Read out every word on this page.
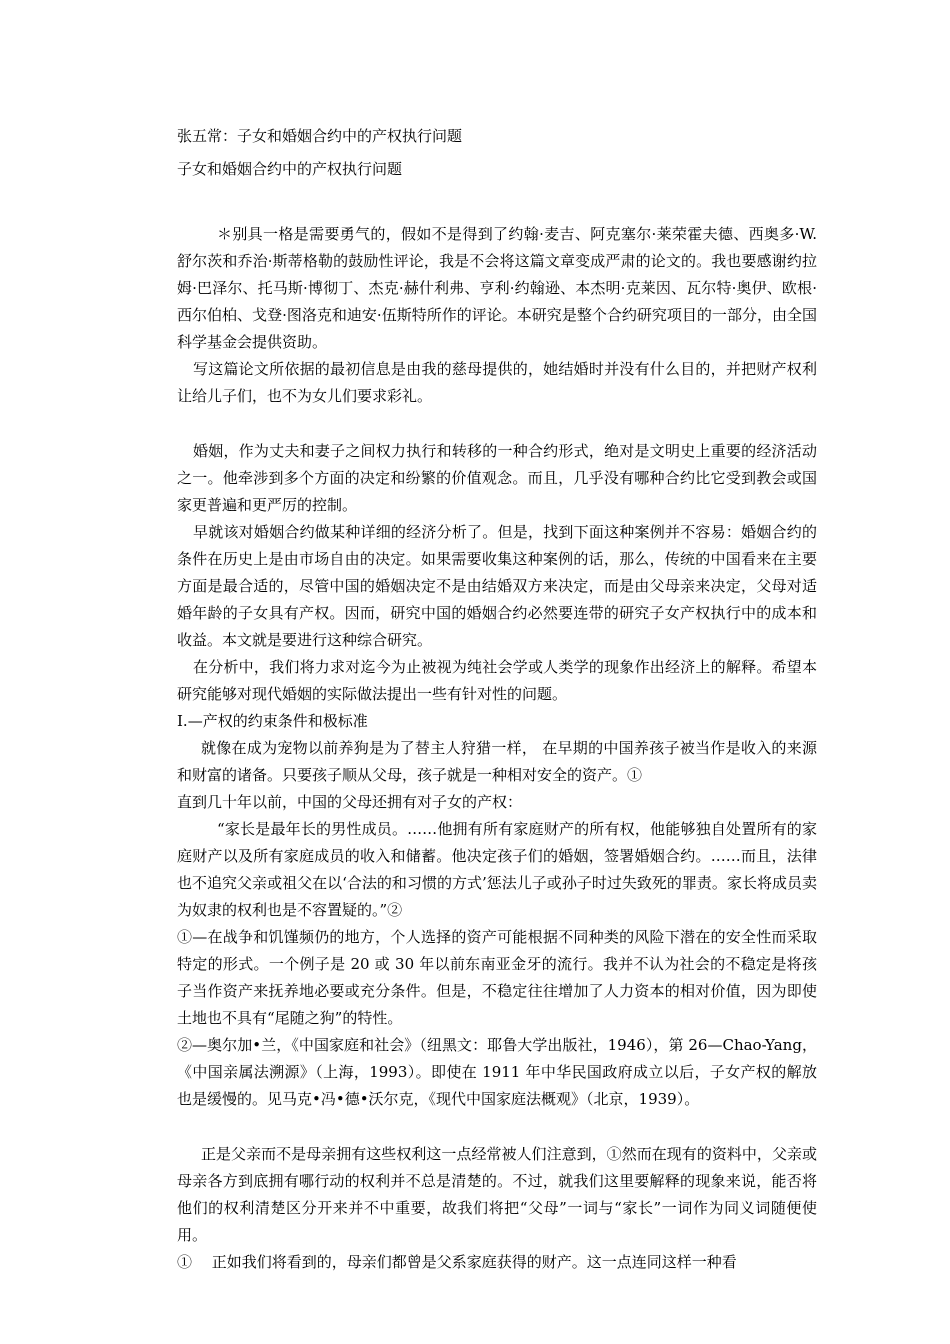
张五常：子女和婚姻合约中的产权执行问题

子女和婚姻合约中的产权执行问题

＊别具一格是需要勇气的，假如不是得到了约翰·麦吉、阿克塞尔·莱荣霍夫德、西奥多·W.舒尔茨和乔治·斯蒂格勒的鼓励性评论，我是不会将这篇文章变成严肃的论文的。我也要感谢约拉姆·巴泽尔、托马斯·博彻丁、杰克·赫什利弗、亨利·约翰逊、本杰明·克莱因、瓦尔特·奥伊、欧根·西尔伯柏、戈登·图洛克和迪安·伍斯特所作的评论。本研究是整个合约研究项目的一部分，由全国科学基金会提供资助。

写这篇论文所依据的最初信息是由我的慈母提供的，她结婚时并没有什么目的，并把财产权利让给儿子们，也不为女儿们要求彩礼。

婚姻，作为丈夫和妻子之间权力执行和转移的一种合约形式，绝对是文明史上重要的经济活动之一。他牵涉到多个方面的决定和纷繁的价值观念。而且，几乎没有哪种合约比它受到教会或国家更普遍和更严厉的控制。

早就该对婚姻合约做某种详细的经济分析了。但是，找到下面这种案例并不容易：婚姻合约的条件在历史上是由市场自由的决定。如果需要收集这种案例的话，那么，传统的中国看来在主要方面是最合适的，尽管中国的婚姻决定不是由结婚双方来决定，而是由父母亲来决定，父母对适婚年龄的子女具有产权。因而，研究中国的婚姻合约必然要连带的研究子女产权执行中的成本和收益。本文就是要进行这种综合研究。

在分析中，我们将力求对迄今为止被视为纯社会学或人类学的现象作出经济上的解释。希望本研究能够对现代婚姻的实际做法提出一些有针对性的问题。

I.—产权的约束条件和极标准

就像在成为宠物以前养狗是为了替主人狩猎一样， 在早期的中国养孩子被当作是收入的来源和财富的诸备。只要孩子顺从父母，孩子就是一种相对安全的资产。①

直到几十年以前，中国的父母还拥有对子女的产权：

“家长是最年长的男性成员。……他拥有所有家庭财产的所有权，他能够独自处置所有的家庭财产以及所有家庭成员的收入和储蓄。他决定孩子们的婚姻，签署婚姻合约。……而且，法律也不追究父亲或祖父在以‘合法的和习惯的方式’惩法儿子或孙子时过失致死的罪责。家长将成员卖为奴隶的权利也是不容置疑的。”②

①—在战争和饥馑频仍的地方，个人选择的资产可能根据不同种类的风险下潜在的安全性而采取特定的形式。一个例子是 20 或 30 年以前东南亚金牙的流行。我并不认为社会的不稳定是将孩子当作资产来抚养地必要或充分条件。但是，不稳定往往增加了人力资本的相对价值，因为即使土地也不具有“尾随之狗”的特性。

②—奥尔加•兰，《中国家庭和社会》（纽黑文：耶鲁大学出版社，1946），第 26—Chao-Yang，《中国亲属法溯源》（上海，1993）。即使在 1911 年中华民国政府成立以后，子女产权的解放也是缓慢的。见马克•冯•德•沃尔克，《现代中国家庭法概观》（北京，1939）。

正是父亲而不是母亲拥有这些权利这一点经常被人们注意到，①然而在现有的资料中，父亲或母亲各方到底拥有哪行动的权利并不总是清楚的。不过，就我们这里要解释的现象来说，能否将他们的权利清楚区分开来并不中重要，故我们将把“父母”一词与“家长”一词作为同义词随便使用。

①　 正如我们将看到的，母亲们都曾是父系家庭获得的财产。这一点连同这样一种看
